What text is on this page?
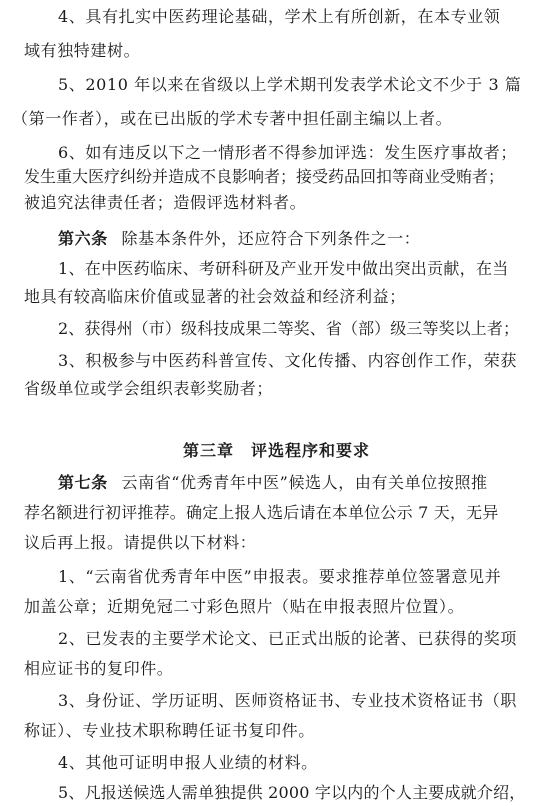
4、具有扎实中医药理论基础，学术上有所创新，在本专业领
域有独特建树。
5、2010 年以来在省级以上学术期刊发表学术论文不少于 3 篇
（第一作者），或在已出版的学术专著中担任副主编以上者。
6、如有违反以下之一情形者不得参加评选：发生医疗事故者；
发生重大医疗纠纷并造成不良影响者；接受药品回扣等商业受贿者；
被追究法律责任者；造假评选材料者。
第六条 除基本条件外，还应符合下列条件之一：
1、在中医药临床、考研科研及产业开发中做出突出贡献，在当
地具有较高临床价值或显著的社会效益和经济利益；
2、获得州（市）级科技成果二等奖、省（部）级三等奖以上者；
3、积极参与中医药科普宣传、文化传播、内容创作工作，荣获
省级单位或学会组织表彰奖励者；
第三章　评选程序和要求
第七条 云南省“优秀青年中医”候选人，由有关单位按照推
荐名额进行初评推荐。确定上报人选后请在本单位公示 7 天，无异
议后再上报。请提供以下材料：
1、“云南省优秀青年中医”申报表。要求推荐单位签署意见并
加盖公章；近期免冠二寸彩色照片（贴在申报表照片位置）。
2、已发表的主要学术论文、已正式出版的论著、已获得的奖项
相应证书的复印件。
3、身份证、学历证明、医师资格证书、专业技术资格证书（职
称证）、专业技术职称聘任证书复印件。
4、其他可证明申报人业绩的材料。
5、凡报送候选人需单独提供 2000 字以内的个人主要成就介绍，
